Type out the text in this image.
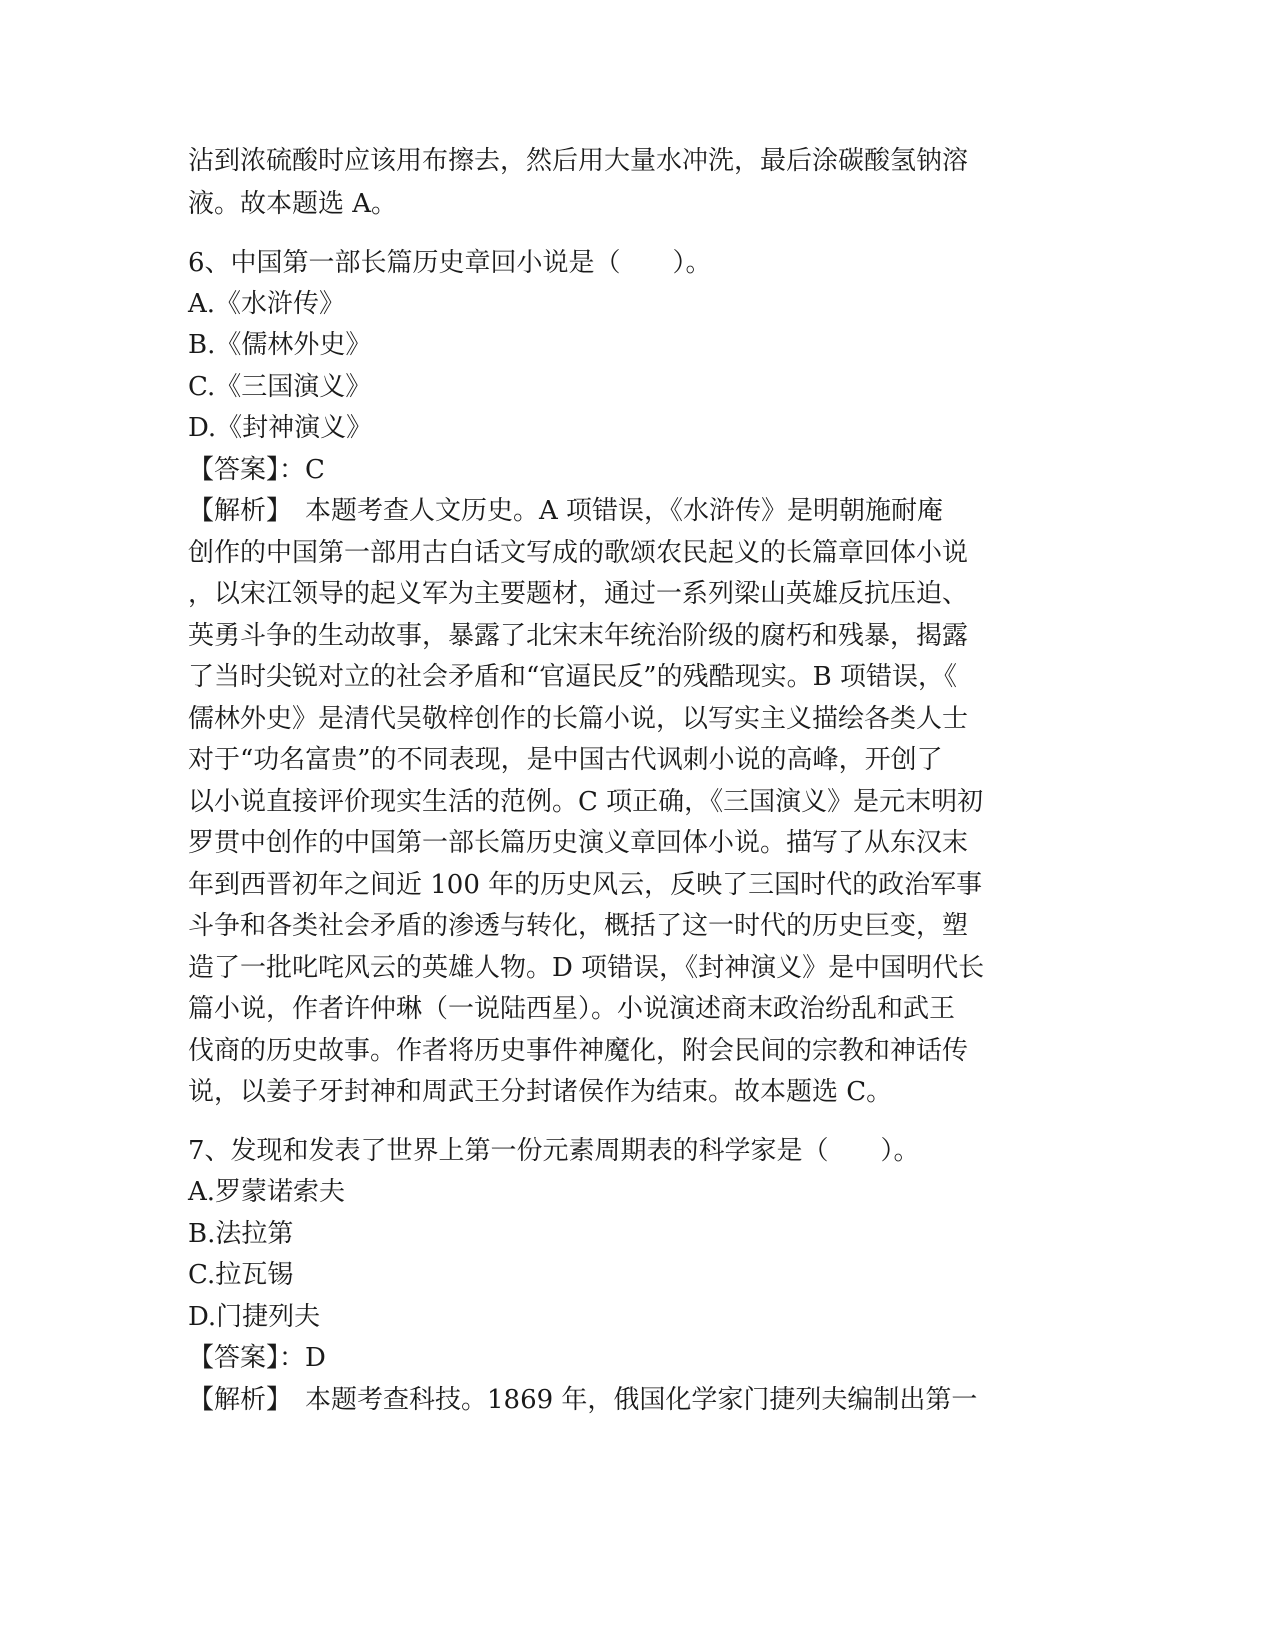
沾到浓硫酸时应该用布擦去，然后用大量水冲洗，最后涂碳酸氢钠溶
液。故本题选 A。
6、中国第一部长篇历史章回小说是（　　）。
A.《水浒传》
B.《儒林外史》
C.《三国演义》
D.《封神演义》
【答案】：C
【解析】　本题考查人文历史。A 项错误，《水浒传》是明朝施耐庵
创作的中国第一部用古白话文写成的歌颂农民起义的长篇章回体小说
，以宋江领导的起义军为主要题材，通过一系列梁山英雄反抗压迫、
英勇斗争的生动故事，暴露了北宋末年统治阶级的腐朽和残暴，揭露
了当时尖锐对立的社会矛盾和“官逼民反”的残酷现实。B 项错误，《
儒林外史》是清代吴敬梓创作的长篇小说，以写实主义描绘各类人士
对于“功名富贵”的不同表现，是中国古代讽刺小说的高峰，开创了
以小说直接评价现实生活的范例。C 项正确，《三国演义》是元末明初
罗贯中创作的中国第一部长篇历史演义章回体小说。描写了从东汉末
年到西晋初年之间近 100 年的历史风云，反映了三国时代的政治军事
斗争和各类社会矛盾的渗透与转化，概括了这一时代的历史巨变，塑
造了一批叱咤风云的英雄人物。D 项错误，《封神演义》是中国明代长
篇小说，作者许仲琳（一说陆西星）。小说演述商末政治纷乱和武王
伐商的历史故事。作者将历史事件神魔化，附会民间的宗教和神话传
说，以姜子牙封神和周武王分封诸侯作为结束。故本题选 C。
7、发现和发表了世界上第一份元素周期表的科学家是（　　）。
A.罗蒙诺索夫
B.法拉第
C.拉瓦锡
D.门捷列夫
【答案】：D
【解析】　本题考查科技。1869 年，俄国化学家门捷列夫编制出第一
